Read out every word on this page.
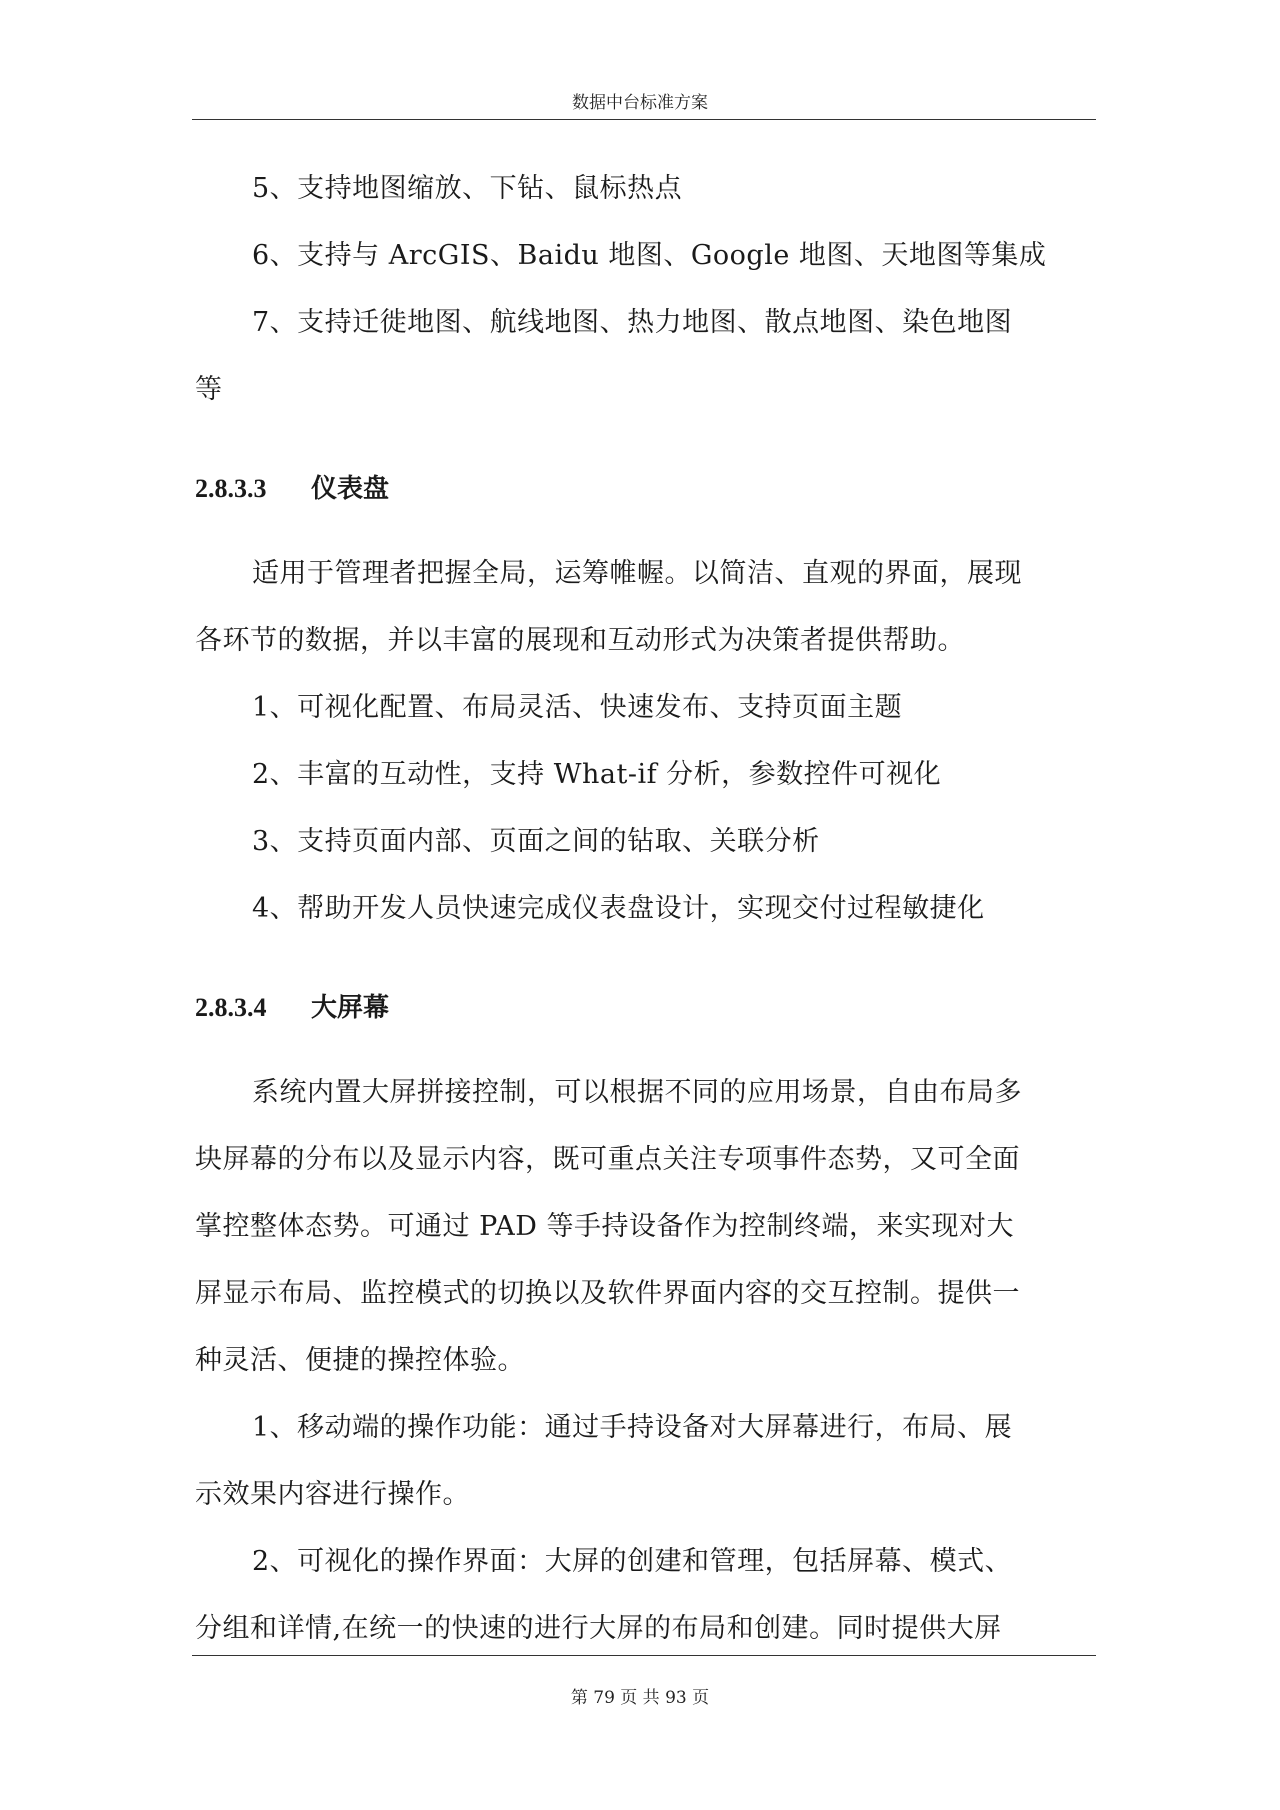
数据中台标准方案
5、支持地图缩放、下钻、鼠标热点
6、支持与 ArcGIS、Baidu 地图、Google 地图、天地图等集成
7、支持迁徙地图、航线地图、热力地图、散点地图、染色地图
等
2.8.3.3 仪表盘
适用于管理者把握全局，运筹帷幄。以简洁、直观的界面，展现
各环节的数据，并以丰富的展现和互动形式为决策者提供帮助。
1、可视化配置、布局灵活、快速发布、支持页面主题
2、丰富的互动性，支持 What-if 分析，参数控件可视化
3、支持页面内部、页面之间的钻取、关联分析
4、帮助开发人员快速完成仪表盘设计，实现交付过程敏捷化
2.8.3.4 大屏幕
系统内置大屏拼接控制，可以根据不同的应用场景，自由布局多
块屏幕的分布以及显示内容，既可重点关注专项事件态势，又可全面
掌控整体态势。可通过 PAD 等手持设备作为控制终端，来实现对大
屏显示布局、监控模式的切换以及软件界面内容的交互控制。提供一
种灵活、便捷的操控体验。
1、移动端的操作功能：通过手持设备对大屏幕进行，布局、展
示效果内容进行操作。
2、可视化的操作界面：大屏的创建和管理，包括屏幕、模式、
分组和详情,在统一的快速的进行大屏的布局和创建。同时提供大屏
第 79 页 共 93 页
